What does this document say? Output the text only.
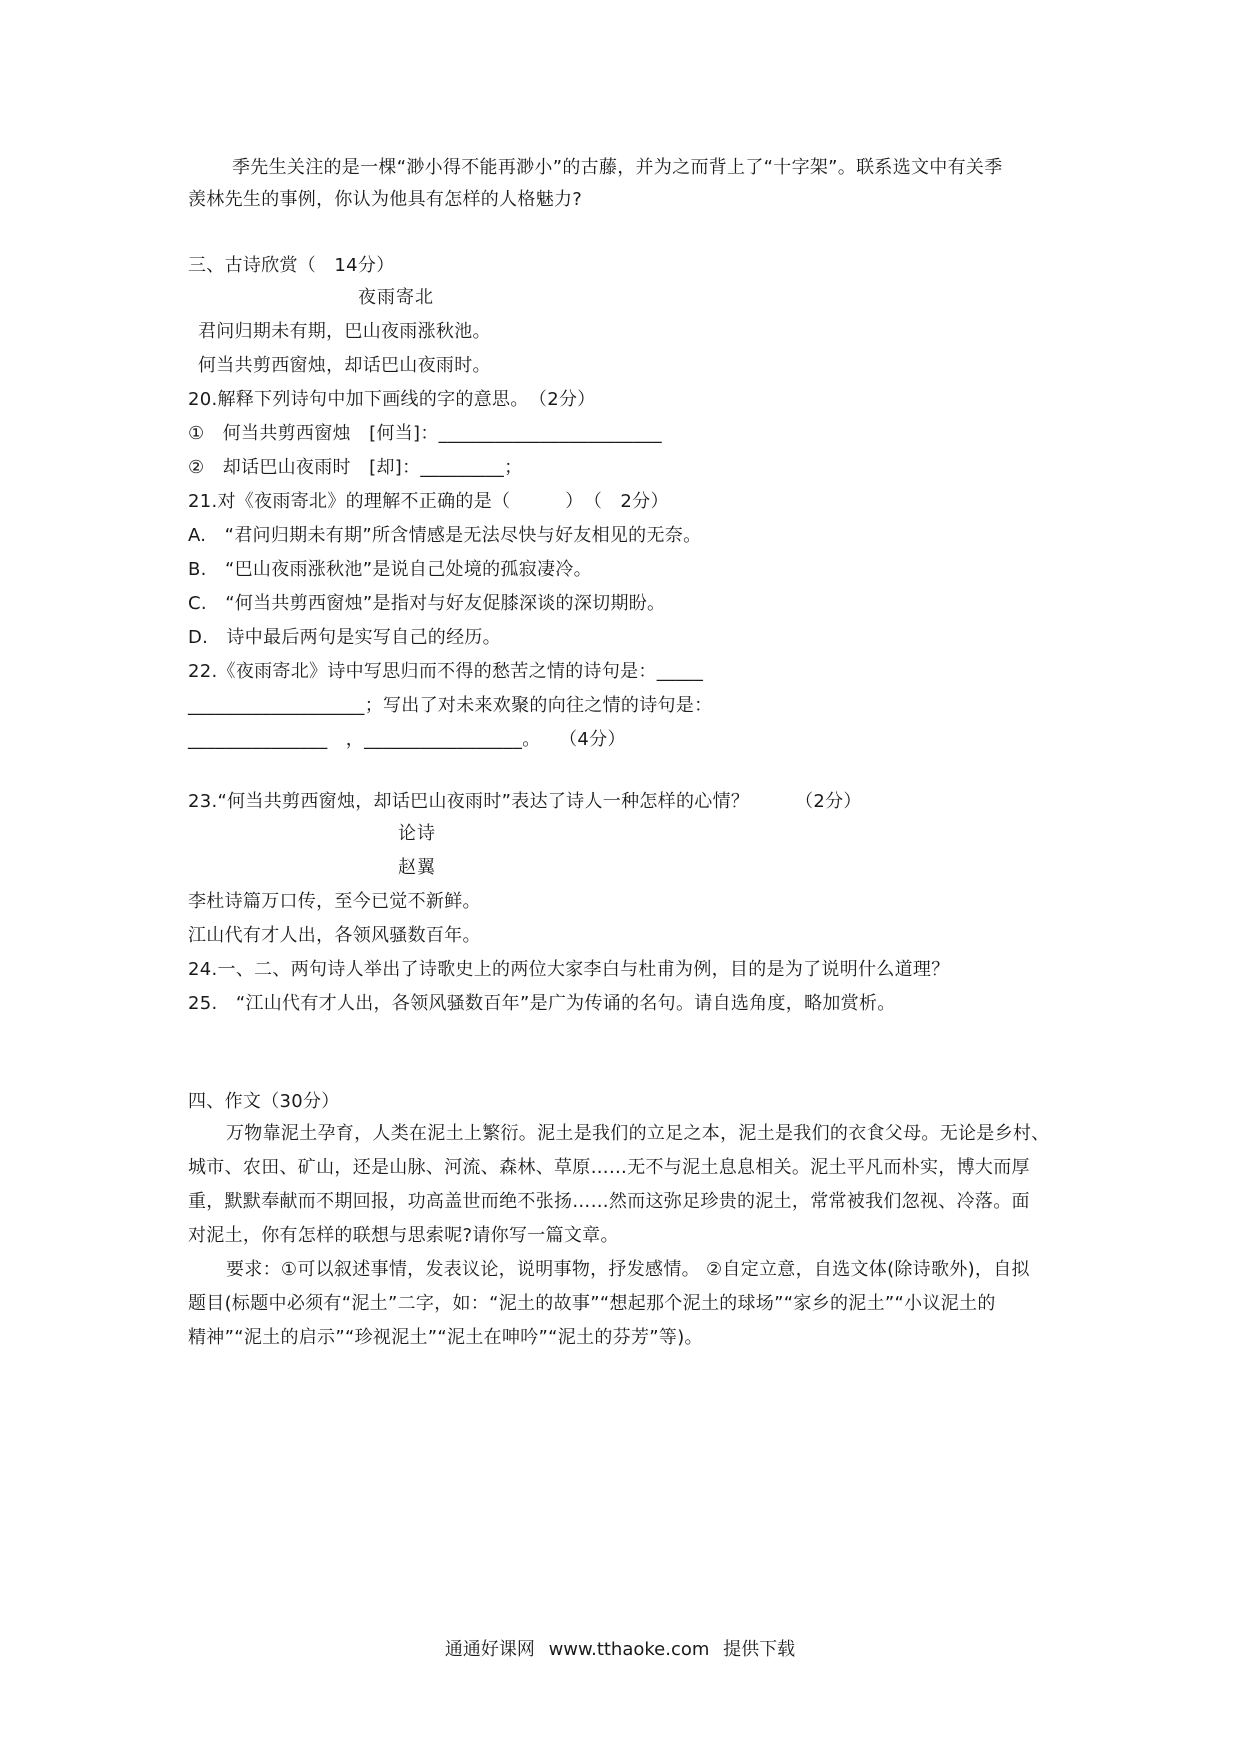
季先生关注的是一棵“渺小得不能再渺小”的古藤，并为之而背上了“十字架”。联系选文中有关季
羡林先生的事例，你认为他具有怎样的人格魅力?
三、古诗欣赏（　14分）
夜雨寄北
君问归期未有期，巴山夜雨涨秋池。
何当共剪西窗烛，却话巴山夜雨时。
20.解释下列诗句中加下画线的字的意思。　（2分）
①　何当共剪西窗烛　[何当]：________________________
②　却话巴山夜雨时　[却]：_________；
21.对《夜雨寄北》的理解不正确的是（　　　）　（　2分）
A.　“君问归期未有期”所含情感是无法尽快与好友相见的无奈。
B.　“巴山夜雨涨秋池”是说自己处境的孤寂凄冷。
C.　“何当共剪西窗烛”是指对与好友促膝深谈的深切期盼。
D.　诗中最后两句是实写自己的经历。
22.《夜雨寄北》诗中写思归而不得的愁苦之情的诗句是：_____
___________________；写出了对未来欢聚的向往之情的诗句是：
_______________　，_________________。　　（4分）
23.“何当共剪西窗烛，却话巴山夜雨时”表达了诗人一种怎样的心情？　　　（2分）
论诗
赵翼
李杜诗篇万口传，至今已觉不新鲜。
江山代有才人出，各领风骚数百年。
24.一、二、两句诗人举出了诗歌史上的两位大家李白与杜甫为例，目的是为了说明什么道理？
25.　“江山代有才人出，各领风骚数百年”是广为传诵的名句。请自选角度，略加赏析。
四、作文（30分）
万物靠泥土孕育，人类在泥土上繁衍。泥土是我们的立足之本，泥土是我们的衣食父母。无论是乡村、
城市、农田、矿山，还是山脉、河流、森林、草原……无不与泥土息息相关。泥土平凡而朴实，博大而厚
重，默默奉献而不期回报，功高盖世而绝不张扬……然而这弥足珍贵的泥土，常常被我们忽视、冷落。面
对泥土，你有怎样的联想与思索呢?请你写一篇文章。
要求：①可以叙述事情，发表议论，说明事物，抒发感情。 ②自定立意，自选文体(除诗歌外)，自拟
题目(标题中必须有“泥土”二字，如：“泥土的故事”“想起那个泥土的球场”“家乡的泥土”“小议泥土的
精神”“泥土的启示”“珍视泥土”“泥土在呻吟”“泥土的芬芳”等)。
通通好课网 www.tthaoke.com 提供下载
